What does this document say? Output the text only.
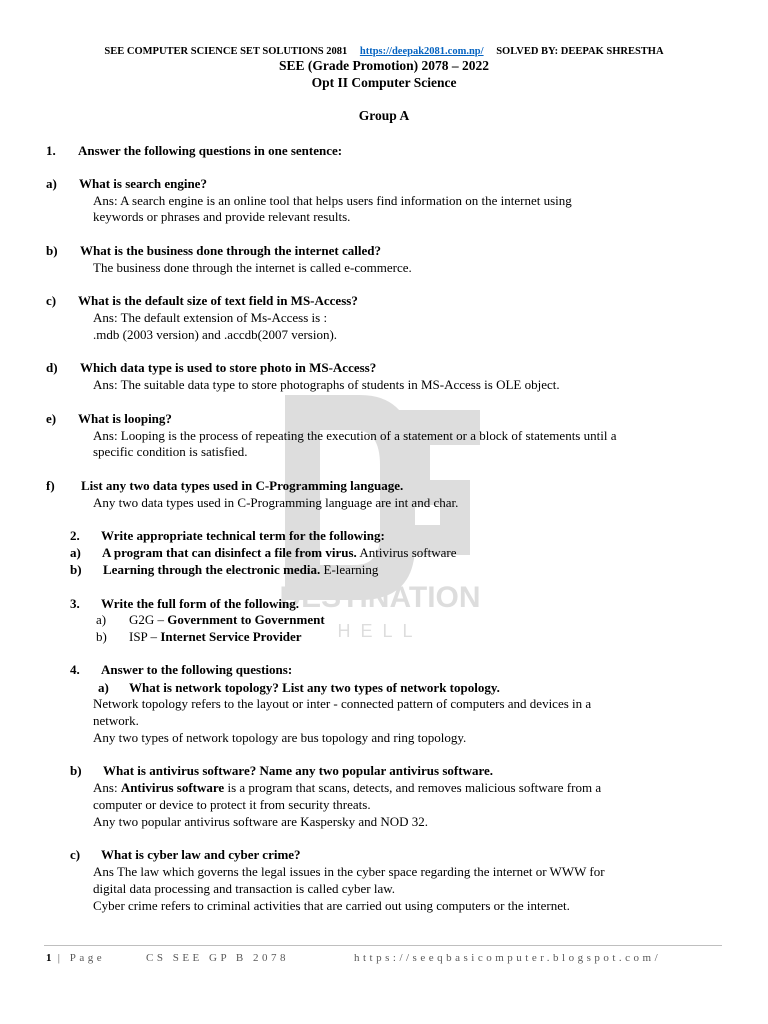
DESTINATION
HELL
SEE COMPUTER SCIENCE SET SOLUTIONS 2081 https://deepak2081.com.np/ SOLVED BY: DEEPAK SHRESTHA
SEE (Grade Promotion) 2078 – 2022
Opt II Computer Science
Group A
1. Answer the following questions in one sentence:
a) What is search engine?
Ans: A search engine is an online tool that helps users find information on the internet using
keywords or phrases and provide relevant results.
b) What is the business done through the internet called?
The business done through the internet is called e-commerce.
c) What is the default size of text field in MS-Access?
Ans: The default extension of Ms-Access is :
.mdb (2003 version) and .accdb(2007 version).
d) Which data type is used to store photo in MS-Access?
Ans: The suitable data type to store photographs of students in MS-Access is OLE object.
e) What is looping?
Ans: Looping is the process of repeating the execution of a statement or a block of statements until a
specific condition is satisfied.
f) List any two data types used in C-Programming language.
Any two data types used in C-Programming language are int and char.
2. Write appropriate technical term for the following:
a) A program that can disinfect a file from virus. Antivirus software
b) Learning through the electronic media. E-learning
3. Write the full form of the following.
a) G2G – Government to Government
b) ISP – Internet Service Provider
4. Answer to the following questions:
a) What is network topology? List any two types of network topology.
Network topology refers to the layout or inter - connected pattern of computers and devices in a
network.
Any two types of network topology are bus topology and ring topology.
b) What is antivirus software? Name any two popular antivirus software.
Ans: Antivirus software is a program that scans, detects, and removes malicious software from a
computer or device to protect it from security threats.
Any two popular antivirus software are Kaspersky and NOD 32.
c) What is cyber law and cyber crime?
Ans The law which governs the legal issues in the cyber space regarding the internet or WWW for
digital data processing and transaction is called cyber law.
Cyber crime refers to criminal activities that are carried out using computers or the internet.
1 | Page	CS SEE GP B 2078	https://seeqbasicomputer.blogspot.com/
